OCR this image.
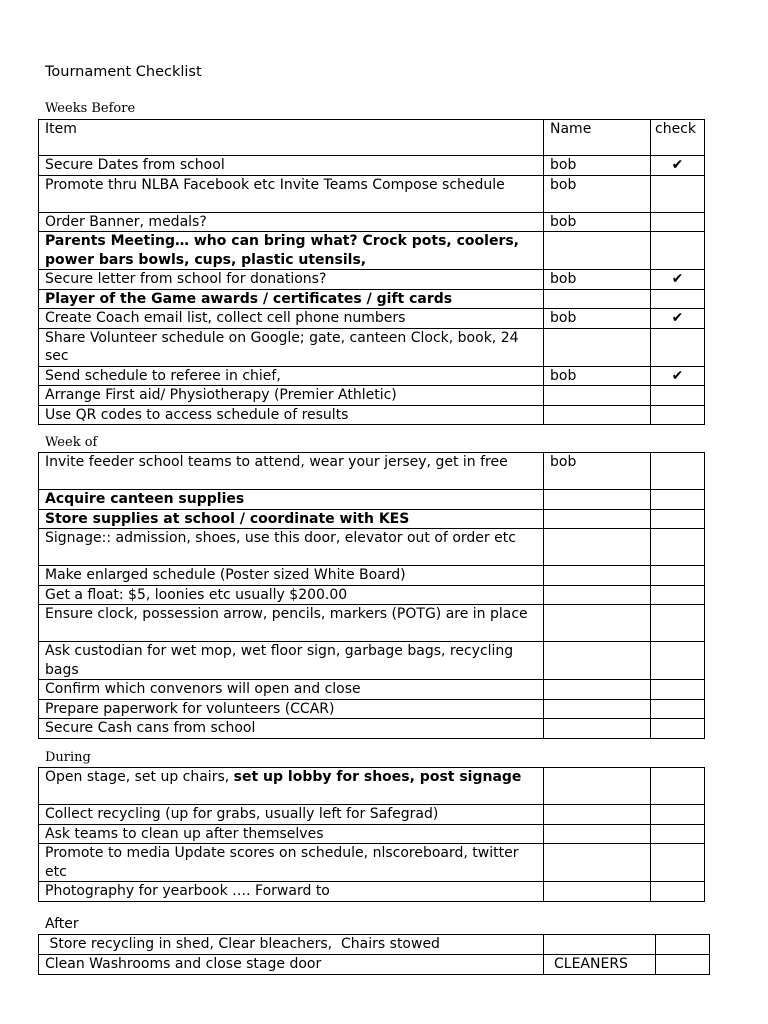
Tournament Checklist
Weeks Before
Item	Name	check
Secure Dates from school	bob	✔
Promote thru NLBA Facebook etc Invite Teams Compose schedule	bob	
Order Banner, medals?	bob	
Parents Meeting… who can bring what? Crock pots, coolers, power bars bowls, cups, plastic utensils,		
Secure letter from school for donations?	bob	✔
Player of the Game awards / certificates / gift cards		
Create Coach email list, collect cell phone numbers	bob	✔
Share Volunteer schedule on Google; gate, canteen Clock, book, 24 sec		
Send schedule to referee in chief,	bob	✔
Arrange First aid/ Physiotherapy (Premier Athletic)		
Use QR codes to access schedule of results		
Week of
Invite feeder school teams to attend, wear your jersey, get in free	bob	
Acquire canteen supplies		
Store supplies at school / coordinate with KES		
Signage:: admission, shoes, use this door, elevator out of order etc		
Make enlarged schedule (Poster sized White Board)		
Get a float: $5, loonies etc usually $200.00		
Ensure clock, possession arrow, pencils, markers (POTG) are in place		
Ask custodian for wet mop, wet floor sign, garbage bags, recycling bags		
Confirm which convenors will open and close		
Prepare paperwork for volunteers (CCAR)		
Secure Cash cans from school		
During
Open stage, set up chairs, set up lobby for shoes, post signage		
Collect recycling (up for grabs, usually left for Safegrad)		
Ask teams to clean up after themselves		
Promote to media Update scores on schedule, nlscoreboard, twitter etc		
Photography for yearbook …. Forward to		
After
Store recycling in shed, Clear bleachers,  Chairs stowed		
Clean Washrooms and close stage door	CLEANERS	
